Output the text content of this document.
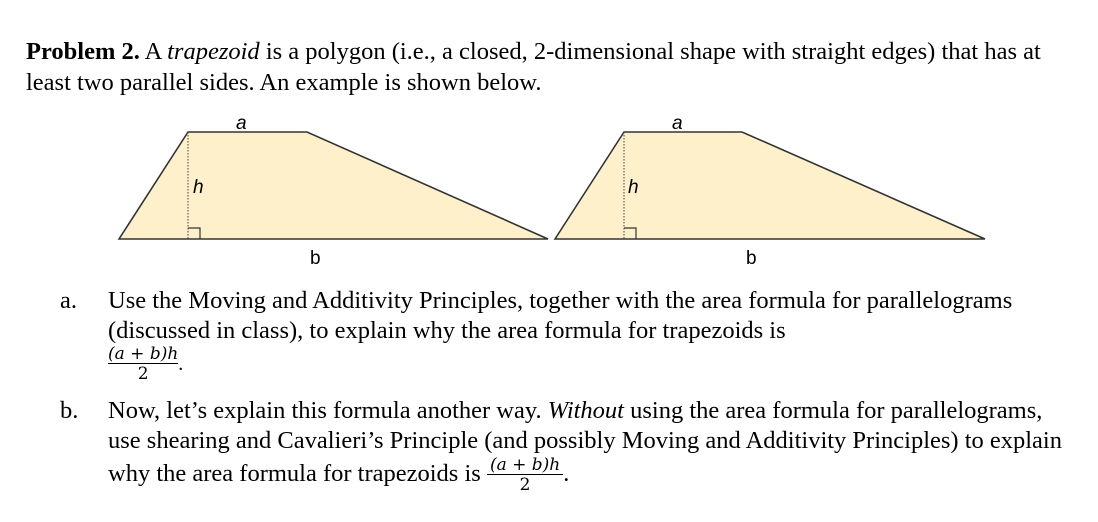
Problem 2. A trapezoid is a polygon (i.e., a closed, 2-dimensional shape with straight edges) that has at least two parallel sides. An example is shown below.

a
h
b
a
h
b
a.	Use the Moving and Additivity Principles, together with the area formula for parallelograms (discussed in class), to explain why the area formula for trapezoids is
$\frac{(a + b)h}{2}$ .
b.	Now, let’s explain this formula another way. Without using the area formula for parallelograms, use shearing and Cavalieri’s Principle (and possibly Moving and Additivity Principles) to explain why the area formula for trapezoids is $\frac{(a + b)h}{2}$ .
